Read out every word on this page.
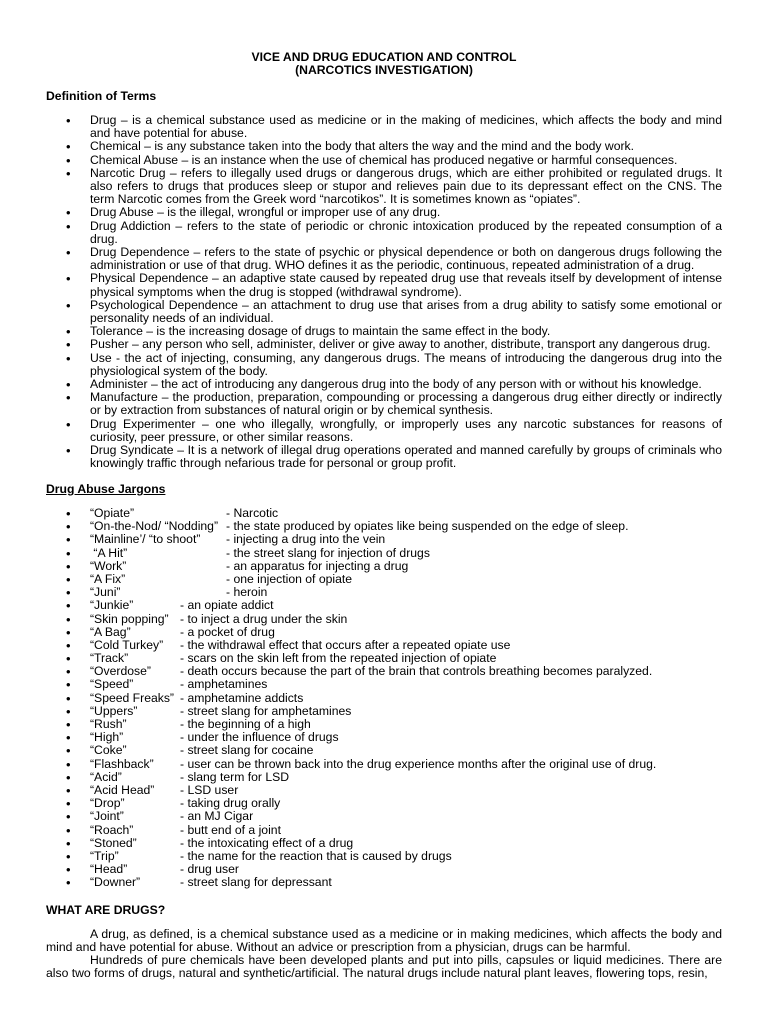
VICE AND DRUG EDUCATION AND CONTROL
(NARCOTICS INVESTIGATION)
Definition of Terms
• Drug – is a chemical substance used as medicine or in the making of medicines, which affects the body and mind and have potential for abuse.
• Chemical – is any substance taken into the body that alters the way and the mind and the body work.
• Chemical Abuse – is an instance when the use of chemical has produced negative or harmful consequences.
• Narcotic Drug – refers to illegally used drugs or dangerous drugs, which are either prohibited or regulated drugs. It also refers to drugs that produces sleep or stupor and relieves pain due to its depressant effect on the CNS. The term Narcotic comes from the Greek word “narcotikos”. It is sometimes known as “opiates”.
• Drug Abuse – is the illegal, wrongful or improper use of any drug.
• Drug Addiction – refers to the state of periodic or chronic intoxication produced by the repeated consumption of a drug.
• Drug Dependence – refers to the state of psychic or physical dependence or both on dangerous drugs following the administration or use of that drug. WHO defines it as the periodic, continuous, repeated administration of a drug.
• Physical Dependence – an adaptive state caused by repeated drug use that reveals itself by development of intense physical symptoms when the drug is stopped (withdrawal syndrome).
• Psychological Dependence – an attachment to drug use that arises from a drug ability to satisfy some emotional or personality needs of an individual.
• Tolerance – is the increasing dosage of drugs to maintain the same effect in the body.
• Pusher – any person who sell, administer, deliver or give away to another, distribute, transport any dangerous drug.
• Use - the act of injecting, consuming, any dangerous drugs. The means of introducing the dangerous drug into the physiological system of the body.
• Administer – the act of introducing any dangerous drug into the body of any person with or without his knowledge.
• Manufacture – the production, preparation, compounding or processing a dangerous drug either directly or indirectly or by extraction from substances of natural origin or by chemical synthesis.
• Drug Experimenter – one who illegally, wrongfully, or improperly uses any narcotic substances for reasons of curiosity, peer pressure, or other similar reasons.
• Drug Syndicate – It is a network of illegal drug operations operated and manned carefully by groups of criminals who knowingly traffic through nefarious trade for personal or group profit.
Drug Abuse Jargons
• “Opiate”	- Narcotic
• “On-the-Nod/ “Nodding” - the state produced by opiates like being suspended on the edge of sleep.
• “Mainline’/ “to shoot” - injecting a drug into the vein
•  “A Hit”	- the street slang for injection of drugs
• “Work”	- an apparatus for injecting a drug
• “A Fix”	- one injection of opiate
• “Juni”	- heroin
• “Junkie”	- an opiate addict
• “Skin popping” - to inject a drug under the skin
• “A Bag”	- a pocket of drug
• “Cold Turkey” - the withdrawal effect that occurs after a repeated opiate use
• “Track”	- scars on the skin left from the repeated injection of opiate
• “Overdose” - death occurs because the part of the brain that controls breathing becomes paralyzed.
• “Speed”	- amphetamines
• “Speed Freaks” - amphetamine addicts
• “Uppers”	- street slang for amphetamines
• “Rush”	- the beginning of a high
• “High”	- under the influence of drugs
• “Coke”	- street slang for cocaine
• “Flashback” - user can be thrown back into the drug experience months after the original use of drug.
• “Acid”	- slang term for LSD
• “Acid Head” - LSD user
• “Drop”	- taking drug orally
• “Joint”	- an MJ Cigar
• “Roach”	- butt end of a joint
• “Stoned”	- the intoxicating effect of a drug
• “Trip”	- the name for the reaction that is caused by drugs
• “Head”	- drug user
• “Downer”	- street slang for depressant
WHAT ARE DRUGS?
A drug, as defined, is a chemical substance used as a medicine or in making medicines, which affects the body and mind and have potential for abuse. Without an advice or prescription from a physician, drugs can be harmful.
Hundreds of pure chemicals have been developed plants and put into pills, capsules or liquid medicines. There are also two forms of drugs, natural and synthetic/artificial. The natural drugs include natural plant leaves, flowering tops, resin,
